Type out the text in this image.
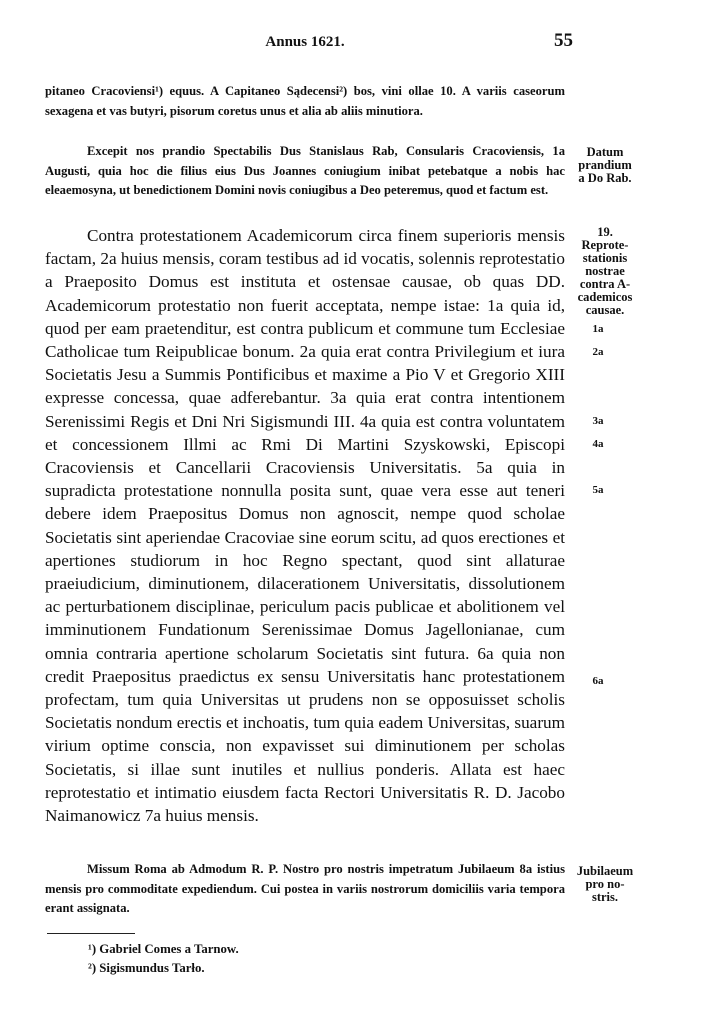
Annus 1621.	55

pitaneo Cracoviensi¹) equus. A Capitaneo Sądecensi²) bos, vini ollae 10. A variis caseorum sexagena et vas butyri, pisorum coretus unus et alia ab aliis minutiora.

Excepit nos prandio Spectabilis Dus Stanislaus Rab, Consularis Cracoviensis, 1a Augusti, quia hoc die filius eius Dus Joannes coniugium inibat petebatque a nobis hac eleaemosyna, ut benedictionem Domini novis coniugibus a Deo peteremus, quod et factum est.

Contra protestationem Academicorum circa finem superioris mensis factam, 2a huius mensis, coram testibus ad id vocatis, solennis reprotestatio a Praeposito Domus est instituta et ostensae causae, ob quas DD. Academicorum protestatio non fuerit acceptata, nempe istae: 1a quia id, quod per eam praetenditur, est contra publicum et commune tum Ecclesiae Catholicae tum Reipublicae bonum. 2a quia erat contra Privilegium et iura Societatis Jesu a Summis Pontificibus et maxime a Pio V et Gregorio XIII expresse concessa, quae adferebantur. 3a quia erat contra intentionem Serenissimi Regis et Dni Nri Sigismundi III. 4a quia est contra voluntatem et concessionem Illmi ac Rmi Di Martini Szyskowski, Episcopi Cracoviensis et Cancellarii Cracoviensis Universitatis. 5a quia in supradicta protestatione nonnulla posita sunt, quae vera esse aut teneri debere idem Praepositus Domus non agnoscit, nempe quod scholae Societatis sint aperiendae Cracoviae sine eorum scitu, ad quos erectiones et apertiones studiorum in hoc Regno spectant, quod sint allaturae praeiudicium, diminutionem, dilacerationem Universitatis, dissolutionem ac perturbationem disciplinae, periculum pacis publicae et abolitionem vel imminutionem Fundationum Serenissimae Domus Jagellonianae, cum omnia contraria apertione scholarum Societatis sint futura. 6a quia non credit Praepositus praedictus ex sensu Universitatis hanc protestationem profectam, tum quia Universitas ut prudens non se opposuisset scholis Societatis nondum erectis et inchoatis, tum quia eadem Universitas, suarum virium optime conscia, non expavisset sui diminutionem per scholas Societatis, si illae sunt inutiles et nullius ponderis. Allata est haec reprotestatio et intimatio eiusdem facta Rectori Universitatis R. D. Jacobo Naimanowicz 7a huius mensis.

Missum Roma ab Admodum R. P. Nostro pro nostris impetratum Jubilaeum 8a istius mensis pro commoditate expediendum. Cui postea in variis nostrorum domiciliis varia tempora erant assignata.

Datum
prandium
a Do Rab.
19.
Reprote-
stationis
nostrae
contra A-
cademicos
causae.
1a
2a
3a
4a
5a
6a
Jubilaeum
pro no-
stris.
¹) Gabriel Comes a Tarnow.
²) Sigismundus Tarło.
